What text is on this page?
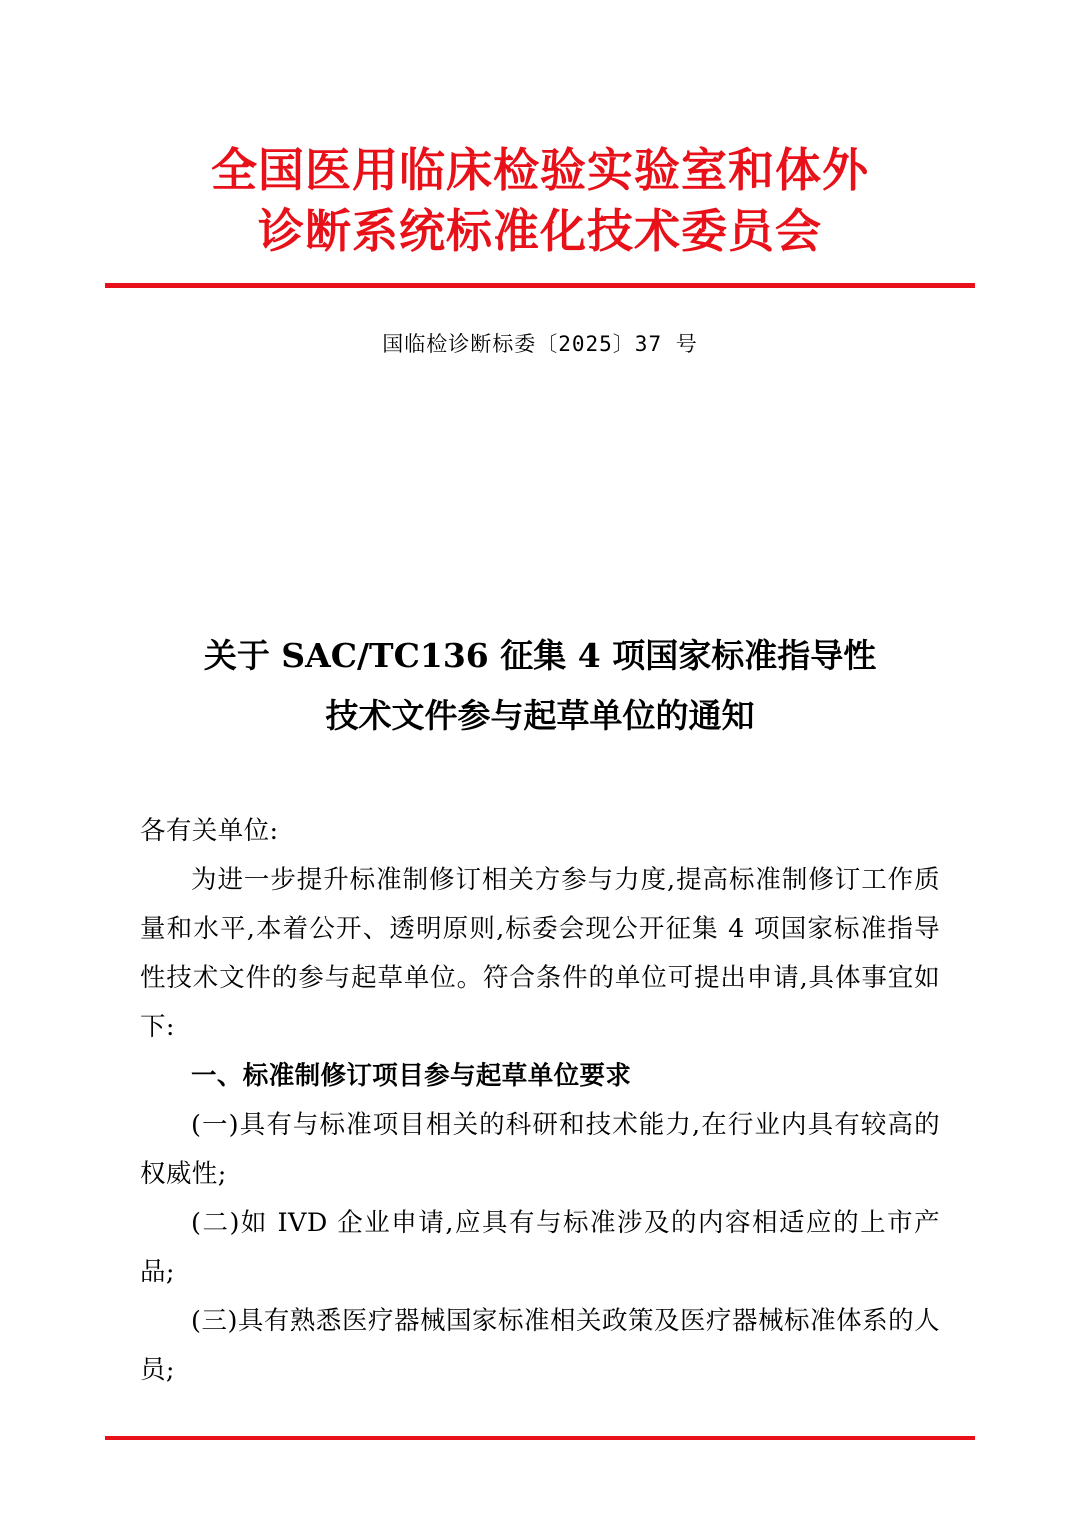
全国医用临床检验实验室和体外
诊断系统标准化技术委员会
国临检诊断标委〔2025〕37 号
关于 SAC/TC136 征集 4 项国家标准指导性
技术文件参与起草单位的通知

各有关单位:

为进一步提升标准制修订相关方参与力度,提高标准制修订工作质量和水平,本着公开、透明原则,标委会现公开征集 4 项国家标准指导性技术文件的参与起草单位。符合条件的单位可提出申请,具体事宜如下:

一、标准制修订项目参与起草单位要求

(一)具有与标准项目相关的科研和技术能力,在行业内具有较高的权威性;

(二)如 IVD 企业申请,应具有与标准涉及的内容相适应的上市产品;

(三)具有熟悉医疗器械国家标准相关政策及医疗器械标准体系的人员;
